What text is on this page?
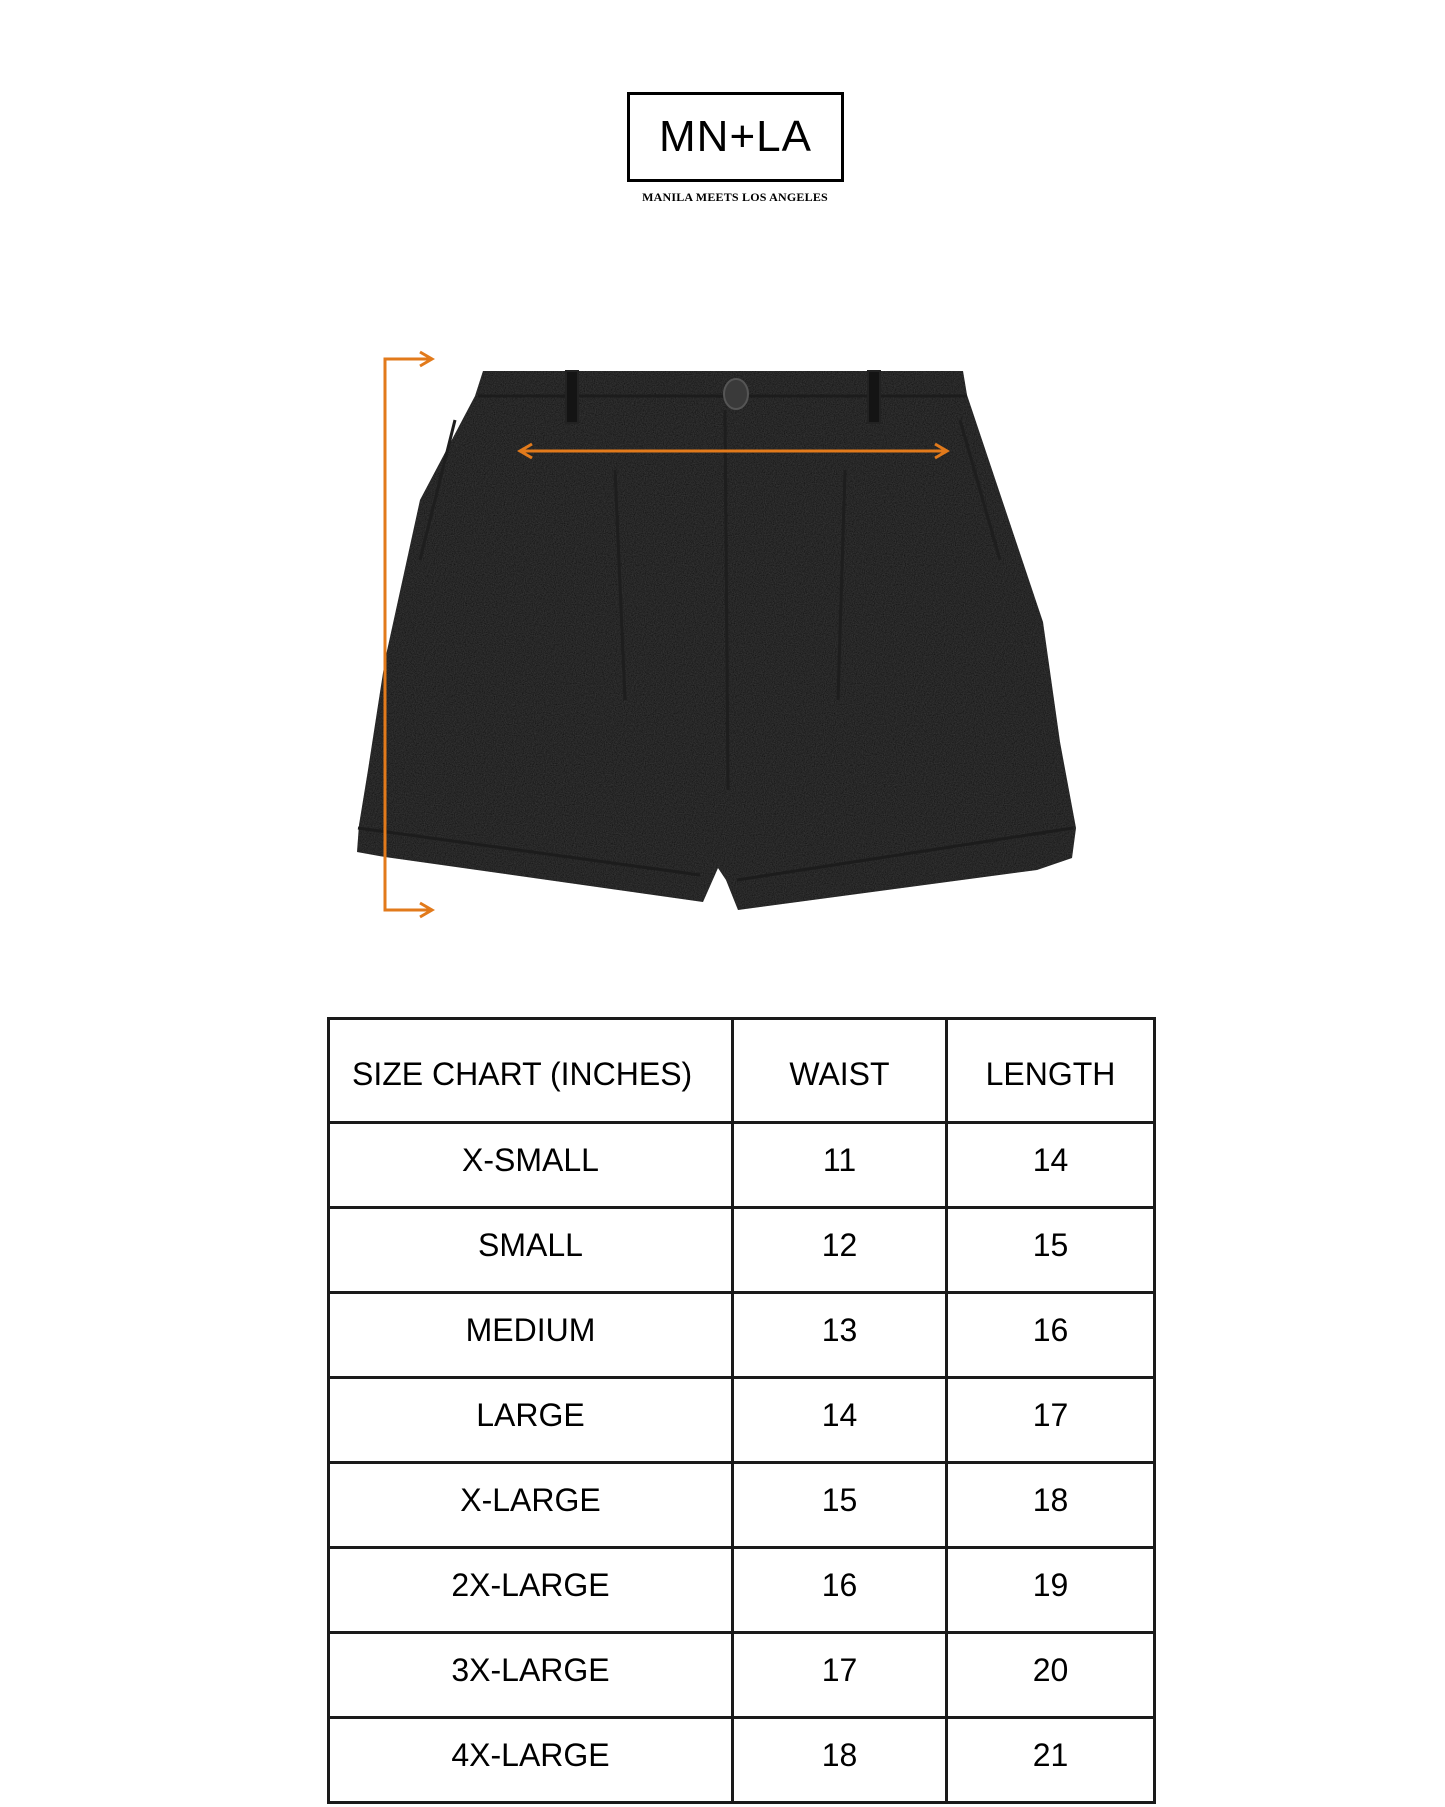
MN+LA
MANILA MEETS LOS ANGELES
SIZE CHART (INCHES)	WAIST	LENGTH
X-SMALL	11	14
SMALL	12	15
MEDIUM	13	16
LARGE	14	17
X-LARGE	15	18
2X-LARGE	16	19
3X-LARGE	17	20
4X-LARGE	18	21
